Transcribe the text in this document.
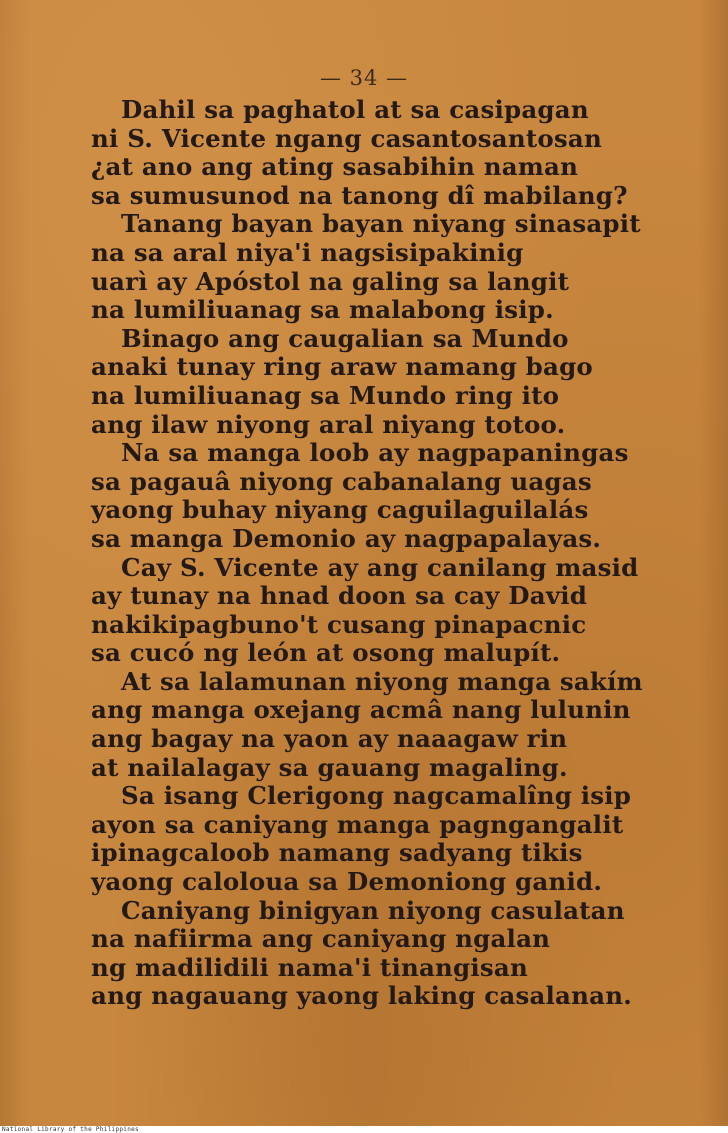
— 34 —
Dahil sa paghatol at sa casipagan
ni S. Vicente ngang casantosantosan
¿at ano ang ating sasabihin naman
sa sumusunod na tanong dî mabilang?
Tanang bayan bayan niyang sinasapit
na sa aral niya'i nagsisipakinig
uarì ay Apóstol na galing sa langit
na lumiliuanag sa malabong isip.
Binago ang caugalian sa Mundo
anaki tunay ring araw namang bago
na lumiliuanag sa Mundo ring ito
ang ilaw niyong aral niyang totoo.
Na sa manga loob ay nagpapaningas
sa pagauâ niyong cabanalang uagas
yaong buhay niyang caguilaguilalás
sa manga Demonio ay nagpapalayas.
Cay S. Vicente ay ang canilang masid
ay tunay na hnad doon sa cay David
nakikipagbuno't cusang pinapacnic
sa cucó ng león at osong malupít.
At sa lalamunan niyong manga sakím
ang manga oxejang acmâ nang lulunin
ang bagay na yaon ay naaagaw rin
at nailalagay sa gauang magaling.
Sa isang Clerigong nagcamalîng isip
ayon sa caniyang manga pagngangalit
ipinagcaloob namang sadyang tikis
yaong caloloua sa Demoniong ganid.
Caniyang binigyan niyong casulatan
na nafiirma ang caniyang ngalan
ng madilidili nama'i tinangisan
ang nagauang yaong laking casalanan.
National Library of the Philippines
